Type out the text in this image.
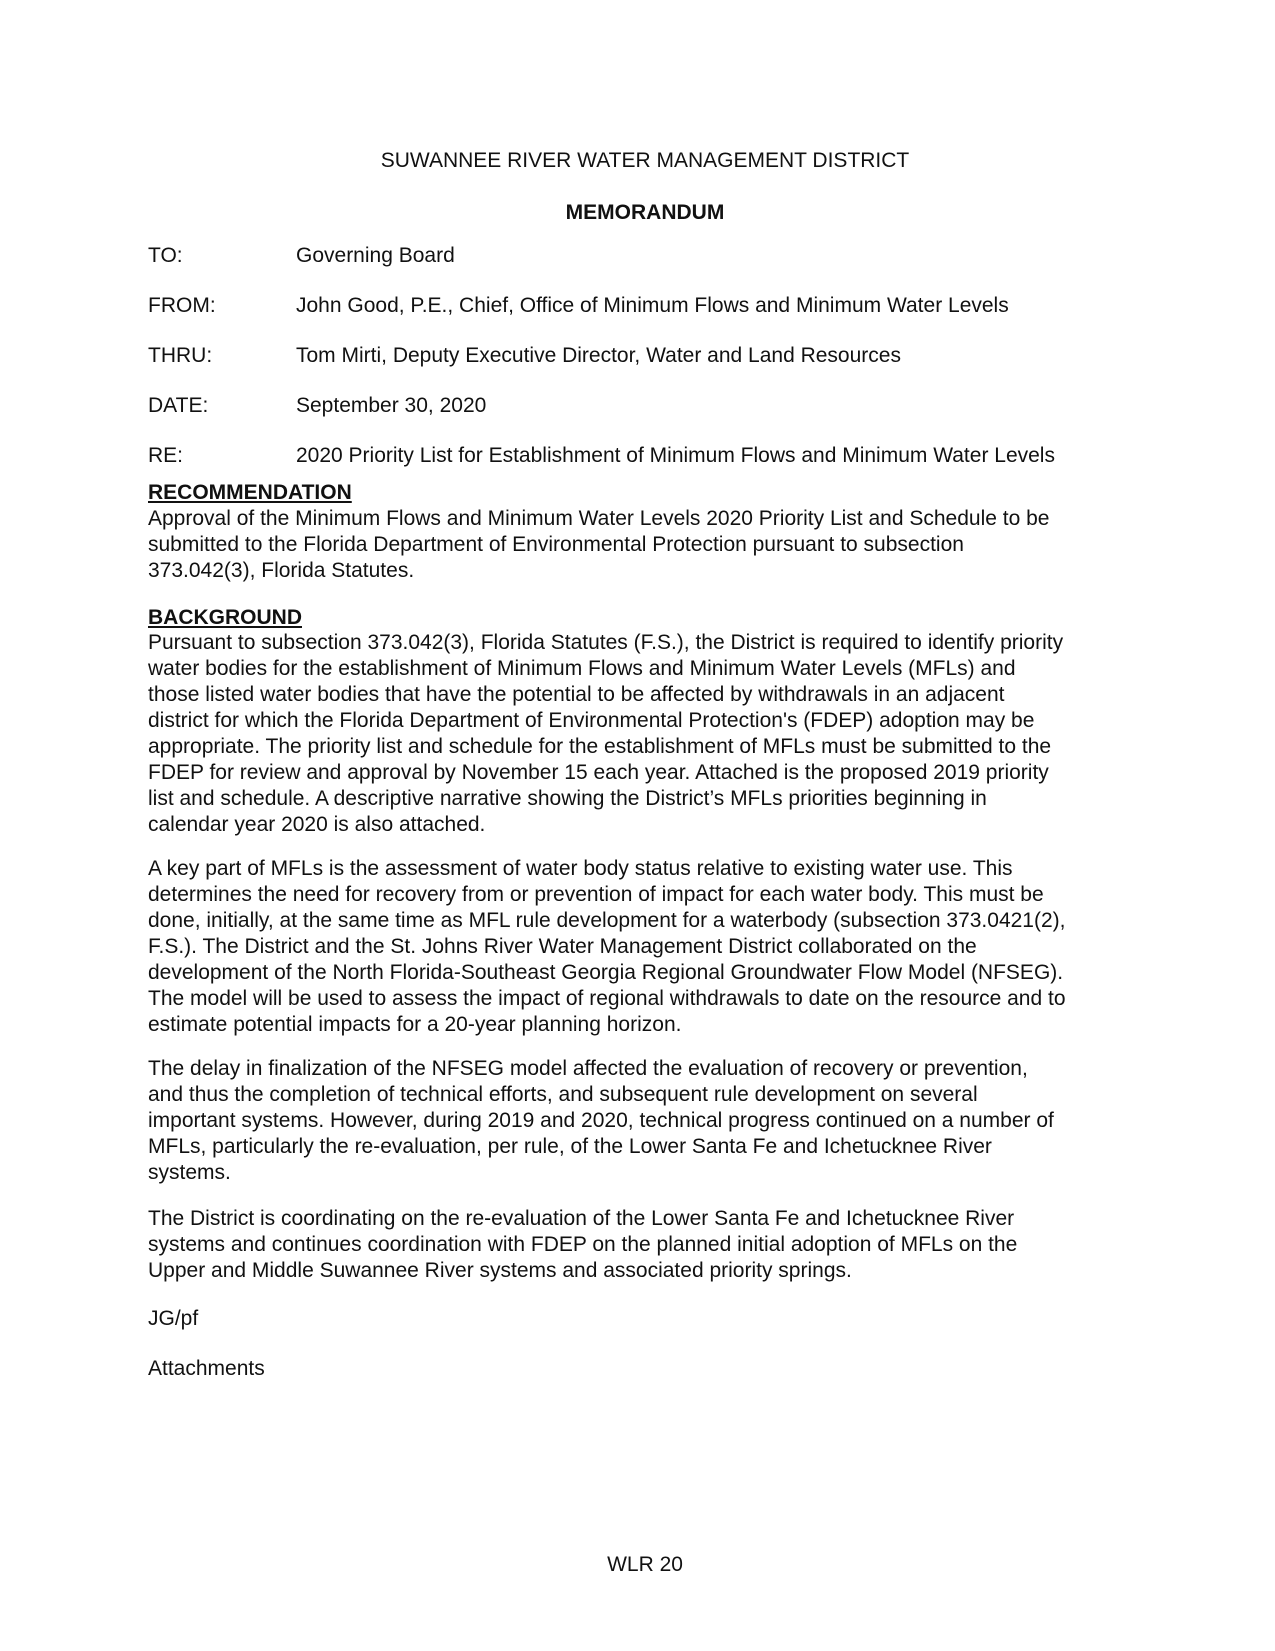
SUWANNEE RIVER WATER MANAGEMENT DISTRICT
MEMORANDUM
TO:	Governing Board
FROM:	John Good, P.E., Chief, Office of Minimum Flows and Minimum Water Levels
THRU:	Tom Mirti, Deputy Executive Director, Water and Land Resources
DATE:	September 30, 2020
RE:	2020 Priority List for Establishment of Minimum Flows and Minimum Water Levels
RECOMMENDATION

Approval of the Minimum Flows and Minimum Water Levels 2020 Priority List and Schedule to be
submitted to the Florida Department of Environmental Protection pursuant to subsection
373.042(3), Florida Statutes.

BACKGROUND

Pursuant to subsection 373.042(3), Florida Statutes (F.S.), the District is required to identify priority
water bodies for the establishment of Minimum Flows and Minimum Water Levels (MFLs) and
those listed water bodies that have the potential to be affected by withdrawals in an adjacent
district for which the Florida Department of Environmental Protection's (FDEP) adoption may be
appropriate. The priority list and schedule for the establishment of MFLs must be submitted to the
FDEP for review and approval by November 15 each year. Attached is the proposed 2019 priority
list and schedule. A descriptive narrative showing the District’s MFLs priorities beginning in
calendar year 2020 is also attached.

A key part of MFLs is the assessment of water body status relative to existing water use. This
determines the need for recovery from or prevention of impact for each water body. This must be
done, initially, at the same time as MFL rule development for a waterbody (subsection 373.0421(2),
F.S.). The District and the St. Johns River Water Management District collaborated on the
development of the North Florida-Southeast Georgia Regional Groundwater Flow Model (NFSEG).
The model will be used to assess the impact of regional withdrawals to date on the resource and to
estimate potential impacts for a 20-year planning horizon.

The delay in finalization of the NFSEG model affected the evaluation of recovery or prevention,
and thus the completion of technical efforts, and subsequent rule development on several
important systems. However, during 2019 and 2020, technical progress continued on a number of
MFLs, particularly the re-evaluation, per rule, of the Lower Santa Fe and Ichetucknee River
systems.

The District is coordinating on the re-evaluation of the Lower Santa Fe and Ichetucknee River
systems and continues coordination with FDEP on the planned initial adoption of MFLs on the
Upper and Middle Suwannee River systems and associated priority springs.

JG/pf
Attachments
WLR 20
